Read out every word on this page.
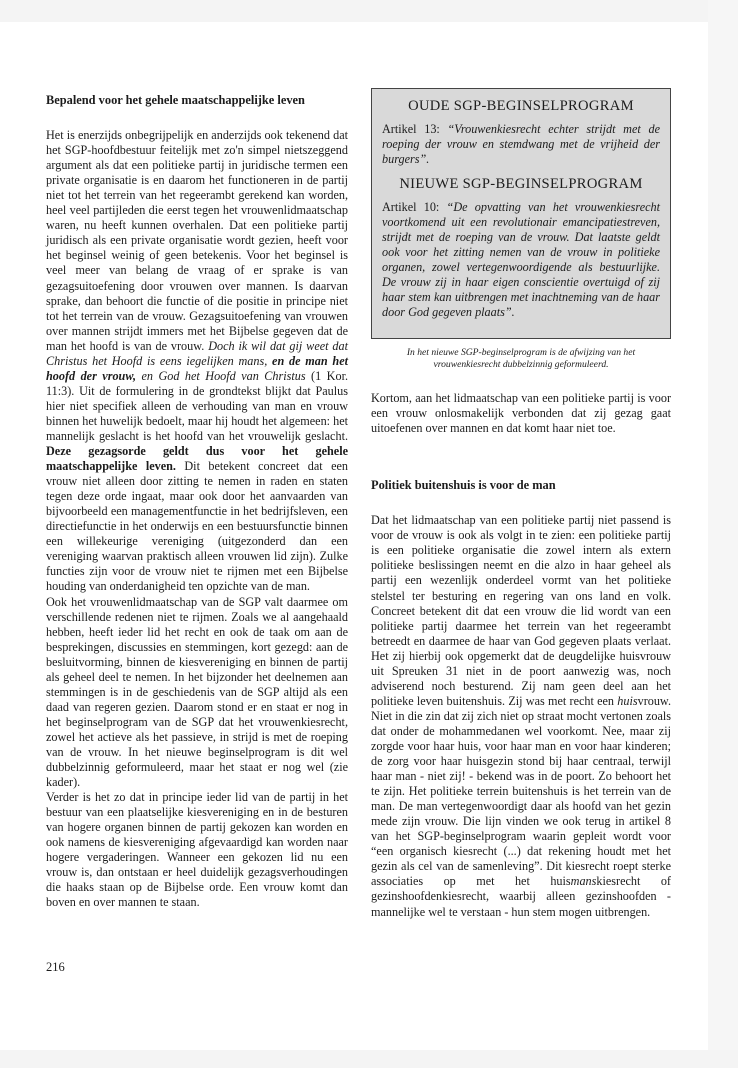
Bepalend voor het gehele maatschappelijke leven

Het is enerzijds onbegrijpelijk en anderzijds ook tekenend dat het SGP-hoofdbestuur feitelijk met zo'n simpel nietszeggend argument als dat een politieke partij in juridische termen een private organisatie is en daarom het functioneren in de partij niet tot het terrein van het regeerambt gerekend kan worden, heel veel partijleden die eerst tegen het vrouwenlidmaatschap waren, nu heeft kunnen overhalen. Dat een politieke partij juridisch als een private organisatie wordt gezien, heeft voor het beginsel weinig of geen betekenis. Voor het beginsel is veel meer van belang de vraag of er sprake is van gezagsuitoefening door vrouwen over mannen. Is daarvan sprake, dan behoort die functie of die positie in principe niet tot het terrein van de vrouw. Gezagsuitoefening van vrouwen over mannen strijdt immers met het Bijbelse gegeven dat de man het hoofd is van de vrouw. Doch ik wil dat gij weet dat Christus het Hoofd is eens iegelijken mans, en de man het hoofd der vrouw, en God het Hoofd van Christus (1 Kor. 11:3). Uit de formulering in de grondtekst blijkt dat Paulus hier niet specifiek alleen de verhouding van man en vrouw binnen het huwelijk bedoelt, maar hij houdt het algemeen: het mannelijk geslacht is het hoofd van het vrouwelijk geslacht. Deze gezagsorde geldt dus voor het gehele maatschappelijke leven. Dit betekent concreet dat een vrouw niet alleen door zitting te nemen in raden en staten tegen deze orde ingaat, maar ook door het aanvaarden van bijvoorbeeld een managementfunctie in het bedrijfsleven, een directiefunctie in het onderwijs en een bestuursfunctie binnen een willekeurige vereniging (uitgezonderd dan een vereniging waarvan praktisch alleen vrouwen lid zijn). Zulke functies zijn voor de vrouw niet te rijmen met een Bijbelse houding van onderdanigheid ten opzichte van de man.

Ook het vrouwenlidmaatschap van de SGP valt daarmee om verschillende redenen niet te rijmen. Zoals we al aangehaald hebben, heeft ieder lid het recht en ook de taak om aan de besprekingen, discussies en stemmingen, kort gezegd: aan de besluitvorming, binnen de kiesvereniging en binnen de partij als geheel deel te nemen. In het bijzonder het deelnemen aan stemmingen is in de geschiedenis van de SGP altijd als een daad van regeren gezien. Daarom stond er en staat er nog in het beginselprogram van de SGP dat het vrouwenkiesrecht, zowel het actieve als het passieve, in strijd is met de roeping van de vrouw. In het nieuwe beginselprogram is dit wel dubbelzinnig geformuleerd, maar het staat er nog wel (zie kader).

Verder is het zo dat in principe ieder lid van de partij in het bestuur van een plaatselijke kiesvereniging en in de besturen van hogere organen binnen de partij gekozen kan worden en ook namens de kiesvereniging afgevaardigd kan worden naar hogere vergaderingen. Wanneer een gekozen lid nu een vrouw is, dan ontstaan er heel duidelijk gezagsverhoudingen die haaks staan op de Bijbelse orde. Een vrouw komt dan boven en over mannen te staan.

OUDE SGP-BEGINSELPROGRAM

Artikel 13: “Vrouwenkiesrecht echter strijdt met de roeping der vrouw en stemdwang met de vrijheid der burgers”.

NIEUWE SGP-BEGINSELPROGRAM

Artikel 10: “De opvatting van het vrouwenkiesrecht voortkomend uit een revolutionair emancipatiestreven, strijdt met de roeping van de vrouw. Dat laatste geldt ook voor het zitting nemen van de vrouw in politieke organen, zowel vertegenwoordigende als bestuurlijke. De vrouw zij in haar eigen conscientie overtuigd of zij haar stem kan uitbrengen met inachtneming van de haar door God gegeven plaats”.

In het nieuwe SGP-beginselprogram is de afwijzing van het vrouwenkiesrecht dubbelzinnig geformuleerd.

Kortom, aan het lidmaatschap van een politieke partij is voor een vrouw onlosmakelijk verbonden dat zij gezag gaat uitoefenen over mannen en dat komt haar niet toe.

Politiek buitenshuis is voor de man

Dat het lidmaatschap van een politieke partij niet passend is voor de vrouw is ook als volgt in te zien: een politieke partij is een politieke organisatie die zowel intern als extern politieke beslissingen neemt en die alzo in haar geheel als partij een wezenlijk onderdeel vormt van het politieke stelstel ter besturing en regering van ons land en volk. Concreet betekent dit dat een vrouw die lid wordt van een politieke partij daarmee het terrein van het regeerambt betreedt en daarmee de haar van God gegeven plaats verlaat. Het zij hierbij ook opgemerkt dat de deugdelijke huisvrouw uit Spreuken 31 niet in de poort aanwezig was, noch adviserend noch besturend. Zij nam geen deel aan het politieke leven buitenshuis. Zij was met recht een huisvrouw. Niet in die zin dat zij zich niet op straat mocht vertonen zoals dat onder de mohammedanen wel voorkomt. Nee, maar zij zorgde voor haar huis, voor haar man en voor haar kinderen; de zorg voor haar huisgezin stond bij haar centraal, terwijl haar man - niet zij! - bekend was in de poort. Zo behoort het te zijn. Het politieke terrein buitenshuis is het terrein van de man. De man vertegenwoordigt daar als hoofd van het gezin mede zijn vrouw. Die lijn vinden we ook terug in artikel 8 van het SGP-beginselprogram waarin gepleit wordt voor “een organisch kiesrecht (...) dat rekening houdt met het gezin als cel van de samenleving”. Dit kiesrecht roept sterke associaties op met het huismanskiesrecht of gezinshoofdenkiesrecht, waarbij alleen gezinshoofden - mannelijke wel te verstaan - hun stem mogen uitbrengen.

216
